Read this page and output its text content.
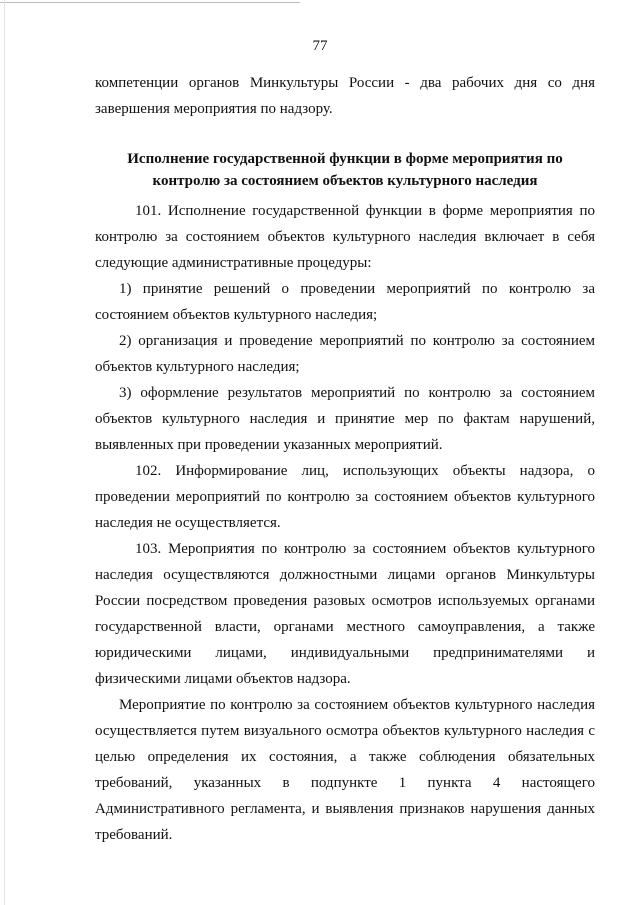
77

компетенции органов Минкультуры России - два рабочих дня со дня завершения мероприятия по надзору.

Исполнение государственной функции в форме мероприятия по
контролю за состоянием объектов культурного наследия

101. Исполнение государственной функции в форме мероприятия по контролю за состоянием объектов культурного наследия включает в себя следующие административные процедуры:

1) принятие решений о проведении мероприятий по контролю за состоянием объектов культурного наследия;

2) организация и проведение мероприятий по контролю за состоянием объектов культурного наследия;

3) оформление результатов мероприятий по контролю за состоянием объектов культурного наследия и принятие мер по фактам нарушений, выявленных при проведении указанных мероприятий.

102. Информирование лиц, использующих объекты надзора, о проведении мероприятий по контролю за состоянием объектов культурного наследия не осуществляется.

103. Мероприятия по контролю за состоянием объектов культурного наследия осуществляются должностными лицами органов Минкультуры России посредством проведения разовых осмотров используемых органами государственной власти, органами местного самоуправления, а также юридическими лицами, индивидуальными предпринимателями и физическими лицами объектов надзора.

Мероприятие по контролю за состоянием объектов культурного наследия осуществляется путем визуального осмотра объектов культурного наследия с целью определения их состояния, а также соблюдения обязательных требований, указанных в подпункте 1 пункта 4 настоящего Административного регламента, и выявления признаков нарушения данных требований.
